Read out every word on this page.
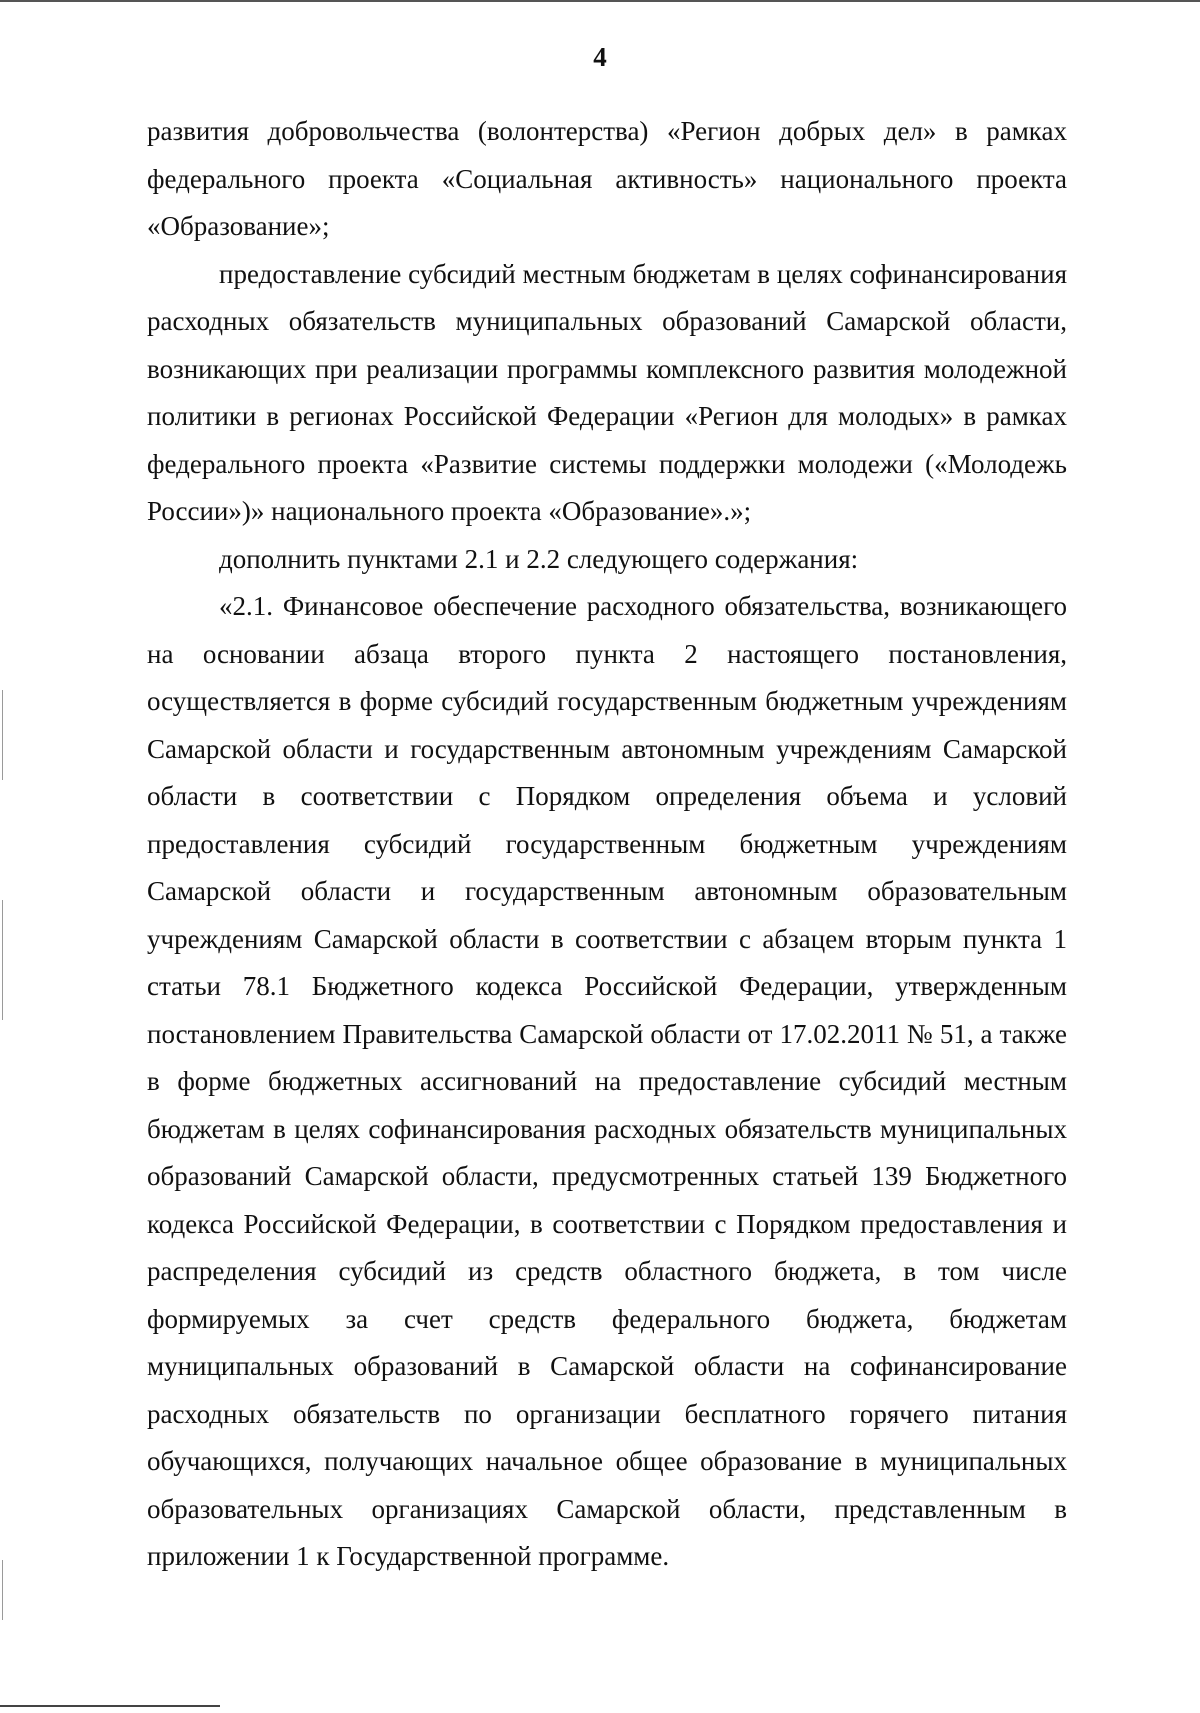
4

развития добровольчества (волонтерства) «Регион добрых дел» в рамках федерального проекта «Социальная активность» национального проекта «Образование»;

предоставление субсидий местным бюджетам в целях софинансирования расходных обязательств муниципальных образований Самарской области, возникающих при реализации программы комплексного развития молодежной политики в регионах Российской Федерации «Регион для молодых» в рамках федерального проекта «Развитие системы поддержки молодежи («Молодежь России»)» национального проекта «Образование».»;

дополнить пунктами 2.1 и 2.2 следующего содержания:

«2.1. Финансовое обеспечение расходного обязательства, возникающего на основании абзаца второго пункта 2 настоящего постановления, осуществляется в форме субсидий государственным бюджетным учреждениям Самарской области и государственным автономным учреждениям Самарской области в соответствии с Порядком определения объема и условий предоставления субсидий государственным бюджетным учреждениям Самарской области и государственным автономным образовательным учреждениям Самарской области в соответствии с абзацем вторым пункта 1 статьи 78.1 Бюджетного кодекса Российской Федерации, утвержденным постановлением Правительства Самарской области от 17.02.2011 № 51, а также в форме бюджетных ассигнований на предоставление субсидий местным бюджетам в целях софинансирования расходных обязательств муниципальных образований Самарской области, предусмотренных статьей 139 Бюджетного кодекса Российской Федерации, в соответствии с Порядком предоставления и распределения субсидий из средств областного бюджета, в том числе формируемых за счет средств федерального бюджета, бюджетам муниципальных образований в Самарской области на софинансирование расходных обязательств по организации бесплатного горячего питания обучающихся, получающих начальное общее образование в муниципальных образовательных организациях Самарской области, представленным в приложении 1 к Государственной программе.
